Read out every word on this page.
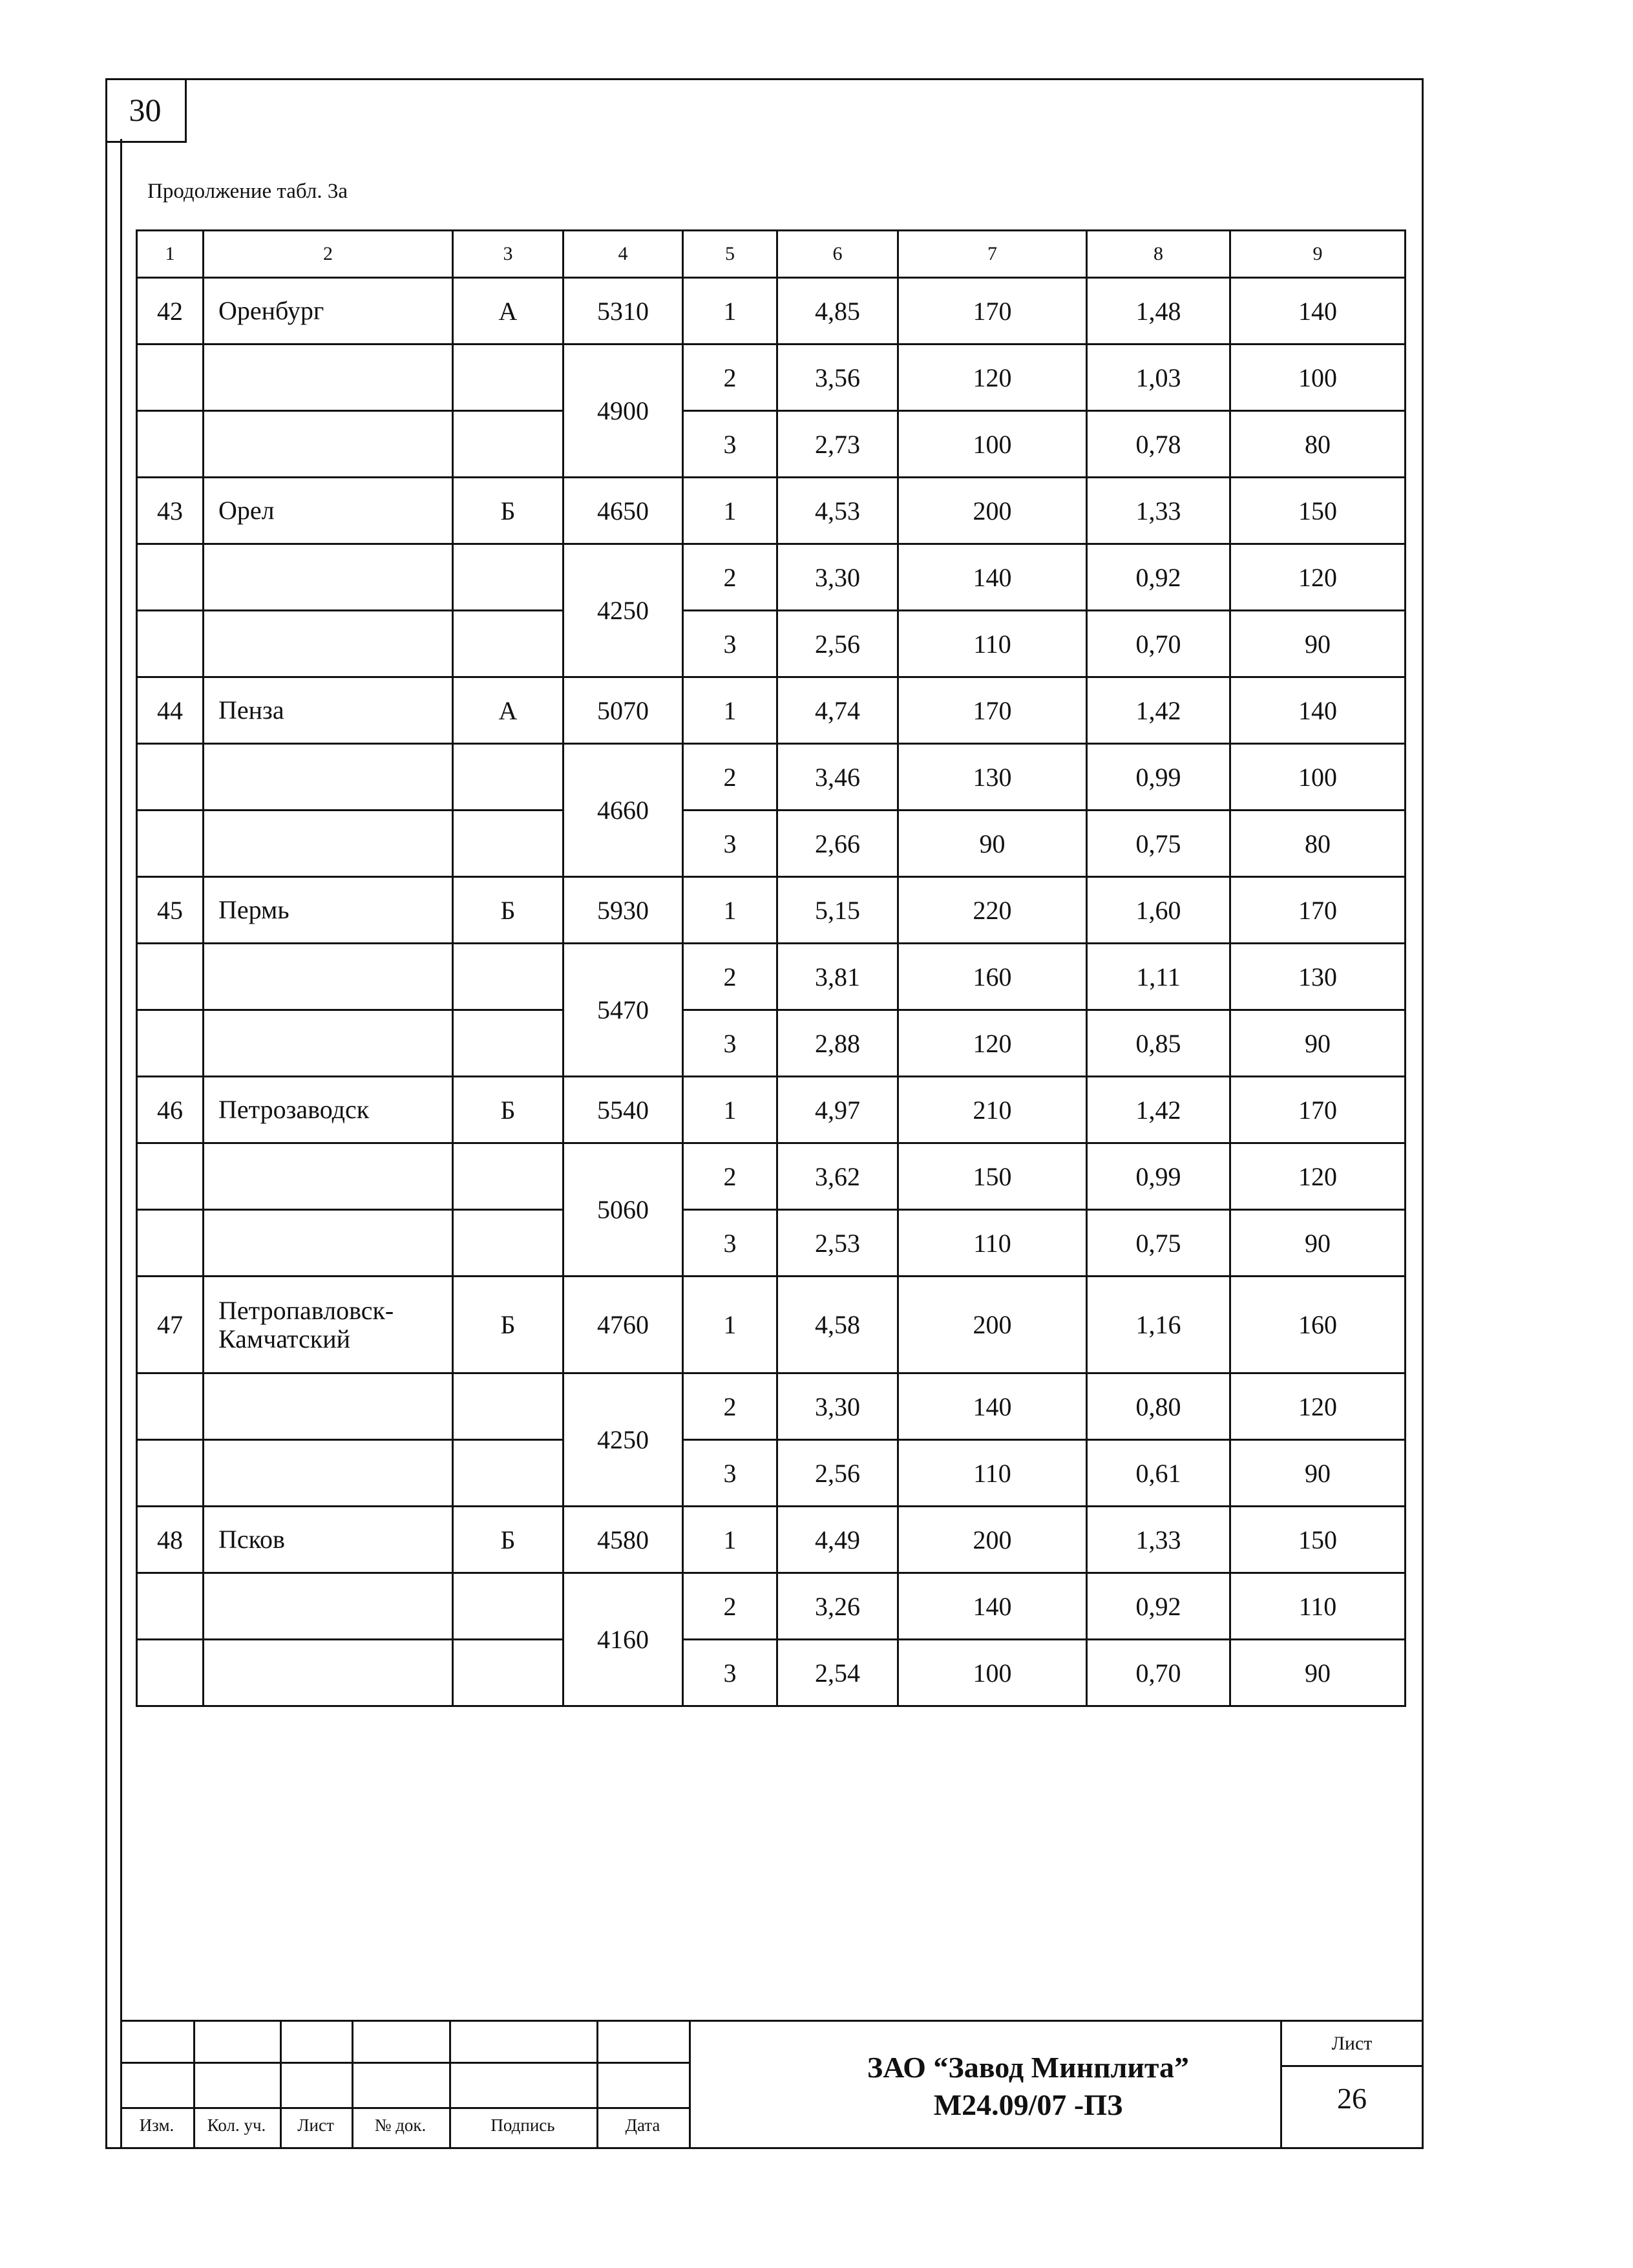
30
Продолжение табл. 3а
1	2	3	4	5	6	7	8	9
42	Оренбург	А	5310	1	4,85	170	1,48	140
			4900	2	3,56	120	1,03	100
				3	2,73	100	0,78	80
43	Орел	Б	4650	1	4,53	200	1,33	150
			4250	2	3,30	140	0,92	120
				3	2,56	110	0,70	90
44	Пенза	А	5070	1	4,74	170	1,42	140
			4660	2	3,46	130	0,99	100
				3	2,66	90	0,75	80
45	Пермь	Б	5930	1	5,15	220	1,60	170
			5470	2	3,81	160	1,11	130
				3	2,88	120	0,85	90
46	Петрозаводск	Б	5540	1	4,97	210	1,42	170
			5060	2	3,62	150	0,99	120
				3	2,53	110	0,75	90
47	Петропавловск-Камчатский	Б	4760	1	4,58	200	1,16	160
			4250	2	3,30	140	0,80	120
				3	2,56	110	0,61	90
48	Псков	Б	4580	1	4,49	200	1,33	150
			4160	2	3,26	140	0,92	110
				3	2,54	100	0,70	90
Изм.	Кол. уч.	Лист	№ док.	Подпись	Дата
ЗАО “Завод Минплита”
М24.09/07 -ПЗ
Лист
26
